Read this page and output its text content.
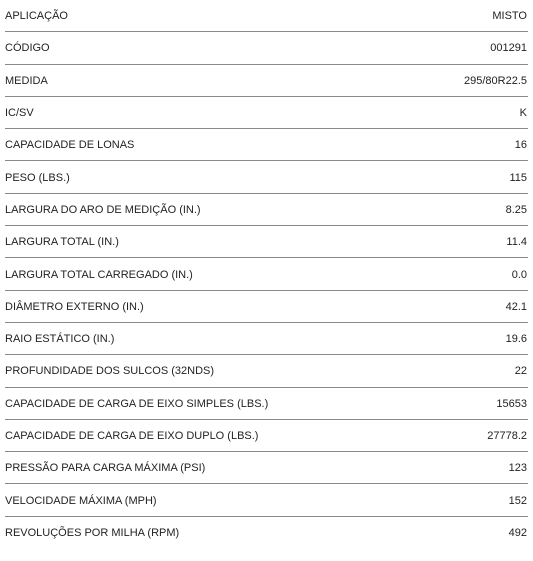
APLICAÇÃO	MISTO
CÓDIGO	001291
MEDIDA	295/80R22.5
IC/SV	K
CAPACIDADE DE LONAS	16
PESO (LBS.)	115
LARGURA DO ARO DE MEDIÇÃO (IN.)	8.25
LARGURA TOTAL (IN.)	11.4
LARGURA TOTAL CARREGADO (IN.)	0.0
DIÂMETRO EXTERNO (IN.)	42.1
RAIO ESTÁTICO (IN.)	19.6
PROFUNDIDADE DOS SULCOS (32NDS)	22
CAPACIDADE DE CARGA DE EIXO SIMPLES (LBS.)	15653
CAPACIDADE DE CARGA DE EIXO DUPLO (LBS.)	27778.2
PRESSÃO PARA CARGA MÁXIMA (PSI)	123
VELOCIDADE MÁXIMA (MPH)	152
REVOLUÇÕES POR MILHA (RPM)	492
